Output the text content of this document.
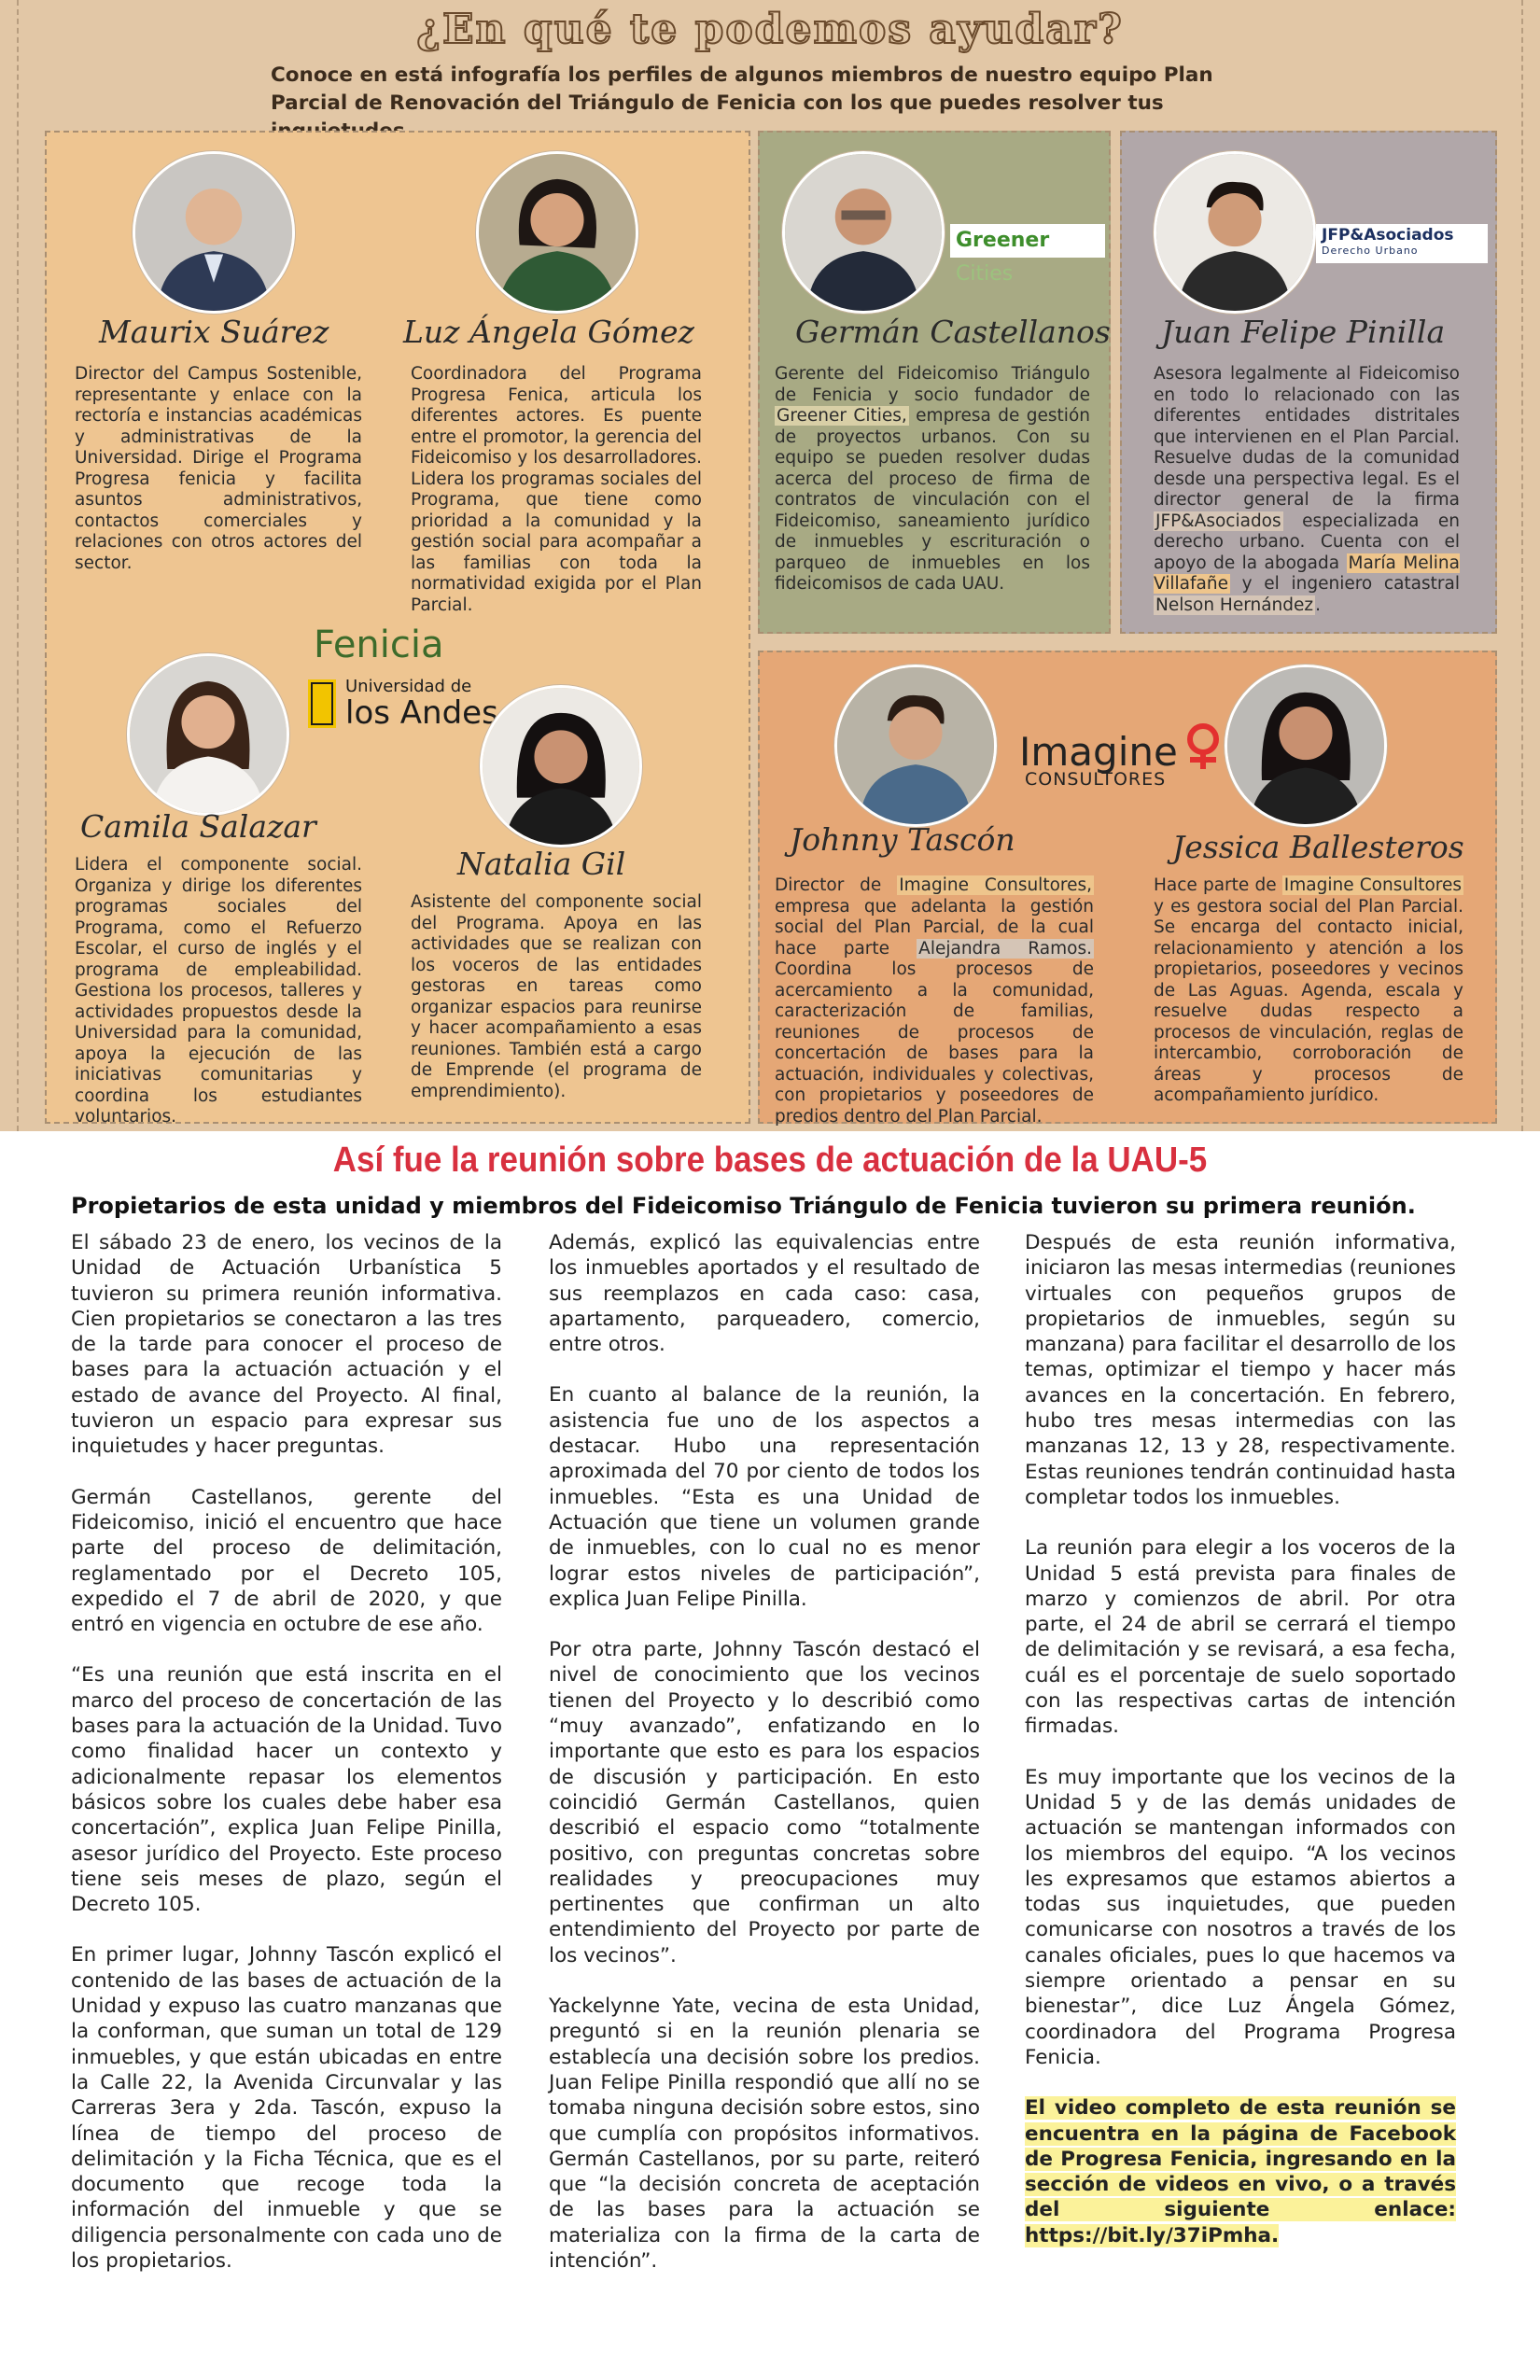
¿En qué te podemos ayudar?
Conoce en está infografía los perfiles de algunos miembros de nuestro equipo Plan Parcial de Renovación del Triángulo de Fenicia con los que puedes resolver tus
Maurix Suárez

Director del Campus Sostenible, representante y enlace con la rectoría e instancias académicas y administrativas de la Universidad. Dirige el Programa Progresa fenicia y facilita asuntos administrativos, contactos comerciales y relaciones con otros actores del sector.

Luz Ángela Gómez

Coordinadora del Programa Progresa Fenica, articula los diferentes actores. Es puente entre el promotor, la gerencia del Fideicomiso y los desarrolladores. Lidera los programas sociales del Programa, que tiene como prioridad a la comunidad y la gestión social para acompañar a las familias con toda la normatividad exigida por el Plan Parcial.

Greener Cities
Germán Castellanos

Gerente del Fideicomiso Triángulo de Fenicia y socio fundador de Greener Cities, empresa de gestión de proyectos urbanos. Con su equipo se pueden resolver dudas acerca del proceso de firma de contratos de vinculación con el Fideicomiso, saneamiento jurídico de inmuebles y escrituración o parqueo de inmuebles en los fideicomisos de cada UAU.

JFP&Asociados
Derecho Urbano
Juan Felipe Pinilla

Asesora legalmente al Fideicomiso en todo lo relacionado con las diferentes entidades distritales que intervienen en el Plan Parcial. Resuelve dudas de la comunidad desde una perspectiva legal. Es el director general de la firma JFP&Asociados especializada en derecho urbano. Cuenta con el apoyo de la abogada María Melina Villafañe y el ingeniero catastral Nelson Hernández .

Fenicia
Universidad de
los Andes
Camila Salazar

Lidera el componente social. Organiza y dirige los diferentes programas sociales del Programa, como el Refuerzo Escolar, el curso de inglés y el programa de empleabilidad. Gestiona los procesos, talleres y actividades propuestos desde la Universidad para la comunidad, apoya la ejecución de las iniciativas comunitarias y coordina los estudiantes voluntarios.

Natalia Gil

Asistente del componente social del Programa. Apoya en las actividades que se realizan con los voceros de las entidades gestoras en tareas como organizar espacios para reunirse y hacer acompañamiento a esas reuniones. También está a cargo de Emprende (el programa de emprendimiento).

Imagine
CONSULTORES
Johnny Tascón

Director de Imagine Consultores, empresa que adelanta la gestión social del Plan Parcial, de la cual hace parte Alejandra Ramos. Coordina los procesos de acercamiento a la comunidad, caracterización de familias, reuniones de procesos de concertación de bases para la actuación, individuales y colectivas, con propietarios y poseedores de predios dentro del Plan Parcial.

Jessica Ballesteros

Hace parte de Imagine Consultores y es gestora social del Plan Parcial. Se encarga del contacto inicial, relacionamiento y atención a los propietarios, poseedores y vecinos de Las Aguas. Agenda, escala y resuelve dudas respecto a procesos de vinculación, reglas de intercambio, corroboración de áreas y procesos de acompañamiento jurídico.

Así fue la reunión sobre bases de actuación de la UAU-5
Propietarios de esta unidad y miembros del Fideicomiso Triángulo de Fenicia tuvieron su primera reunión.

El sábado 23 de enero, los vecinos de la Unidad de Actuación Urbanística 5 tuvieron su primera reunión informativa. Cien propietarios se conectaron a las tres de la tarde para conocer el proceso de bases para la actuación actuación y el estado de avance del Proyecto. Al final, tuvieron un espacio para expresar sus inquietudes y hacer preguntas.

Germán Castellanos, gerente del Fideicomiso, inició el encuentro que hace parte del proceso de delimitación, reglamentado por el Decreto 105, expedido el 7 de abril de 2020, y que entró en vigencia en octubre de ese año.

“Es una reunión que está inscrita en el marco del proceso de concertación de las bases para la actuación de la Unidad. Tuvo como finalidad hacer un contexto y adicionalmente repasar los elementos básicos sobre los cuales debe haber esa concertación”, explica Juan Felipe Pinilla, asesor jurídico del Proyecto. Este proceso tiene seis meses de plazo, según el Decreto 105.

En primer lugar, Johnny Tascón explicó el contenido de las bases de actuación de la Unidad y expuso las cuatro manzanas que la conforman, que suman un total de 129 inmuebles, y que están ubicadas en entre la Calle 22, la Avenida Circunvalar y las Carreras 3era y 2da. Tascón, expuso la línea de tiempo del proceso de delimitación y la Ficha Técnica, que es el documento que recoge toda la información del inmueble y que se diligencia personalmente con cada uno de los propietarios.

Además, explicó las equivalencias entre los inmuebles aportados y el resultado de sus reemplazos en cada caso: casa, apartamento, parqueadero, comercio, entre otros.

En cuanto al balance de la reunión, la asistencia fue uno de los aspectos a destacar. Hubo una representación aproximada del 70 por ciento de todos los inmuebles. “Esta es una Unidad de Actuación que tiene un volumen grande de inmuebles, con lo cual no es menor lograr estos niveles de participación”, explica Juan Felipe Pinilla.

Por otra parte, Johnny Tascón destacó el nivel de conocimiento que los vecinos tienen del Proyecto y lo describió como “muy avanzado”, enfatizando en lo importante que esto es para los espacios de discusión y participación. En esto coincidió Germán Castellanos, quien describió el espacio como “totalmente positivo, con preguntas concretas sobre realidades y preocupaciones muy pertinentes que confirman un alto entendimiento del Proyecto por parte de los vecinos”.

Yackelynne Yate, vecina de esta Unidad, preguntó si en la reunión plenaria se establecía una decisión sobre los predios. Juan Felipe Pinilla respondió que allí no se tomaba ninguna decisión sobre estos, sino que cumplía con propósitos informativos. Germán Castellanos, por su parte, reiteró que “la decisión concreta de aceptación de las bases para la actuación se materializa con la firma de la carta de intención”.

Después de esta reunión informativa, iniciaron las mesas intermedias (reuniones virtuales con pequeños grupos de propietarios de inmuebles, según su manzana) para facilitar el desarrollo de los temas, optimizar el tiempo y hacer más avances en la concertación. En febrero, hubo tres mesas intermedias con las manzanas 12, 13 y 28, respectivamente. Estas reuniones tendrán continuidad hasta completar todos los inmuebles.

La reunión para elegir a los voceros de la Unidad 5 está prevista para finales de marzo y comienzos de abril. Por otra parte, el 24 de abril se cerrará el tiempo de delimitación y se revisará, a esa fecha, cuál es el porcentaje de suelo soportado con las respectivas cartas de intención firmadas.

Es muy importante que los vecinos de la Unidad 5 y de las demás unidades de actuación se mantengan informados con los miembros del equipo. “A los vecinos les expresamos que estamos abiertos a todas sus inquietudes, que pueden comunicarse con nosotros a través de los canales oficiales, pues lo que hacemos va siempre orientado a pensar en su bienestar”, dice Luz Ángela Gómez, coordinadora del Programa Progresa Fenicia.

El video completo de esta reunión se encuentra en la página de Facebook de Progresa Fenicia, ingresando en la sección de videos en vivo, o a través del siguiente enlace: https://bit.ly/37iPmha.
